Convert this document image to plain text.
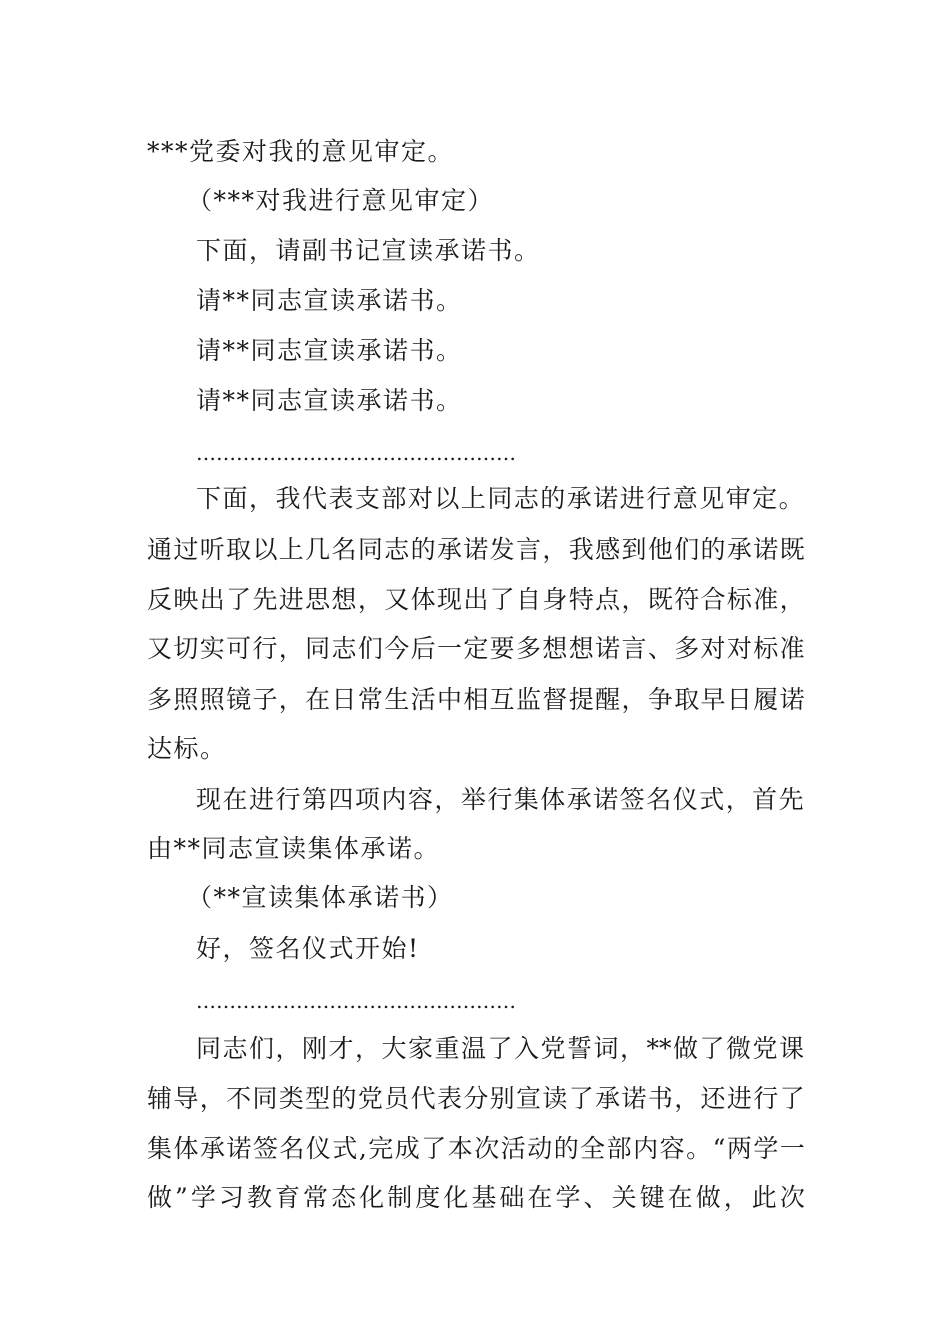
***党委对我的意见审定。
（***对我进行意见审定）
下面，请副书记宣读承诺书。
请**同志宣读承诺书。
请**同志宣读承诺书。
请**同志宣读承诺书。
…………………………………………
下 面 ， 我 代 表 支 部 对 以 上 同 志 的 承 诺 进 行 意 见 审 定 。
通 过 听 取 以 上 几 名 同 志 的 承 诺 发 言 ， 我 感 到 他 们 的 承 诺 既
反 映 出 了 先 进 思 想 ， 又 体 现 出 了 自 身 特 点 ， 既 符 合 标 准 ，
又 切 实 可 行 ， 同 志 们 今 后 一 定 要 多 想 想 诺 言 、 多 对 对 标 准
多 照 照 镜 子 ， 在 日 常 生 活 中 相 互 监 督 提 醒 ， 争 取 早 日 履 诺
达标。
现 在 进 行 第 四 项 内 容 ， 举 行 集 体 承 诺 签 名 仪 式 ， 首 先
由**同志宣读集体承诺。
（**宣读集体承诺书）
好，签名仪式开始!
…………………………………………
同 志 们 ， 刚 才 ， 大 家 重 温 了 入 党 誓 词 ， ** 做 了 微 党 课
辅 导 ， 不 同 类 型 的 党 员 代 表 分 别 宣 读 了 承 诺 书 ， 还 进 行 了
集 体 承 诺 签 名 仪 式 , 完 成 了 本 次 活 动 的 全 部 内 容 。 “ 两 学 一
做 ” 学 习 教 育 常 态 化 制 度 化 基 础 在 学 、 关 键 在 做 ， 此 次
